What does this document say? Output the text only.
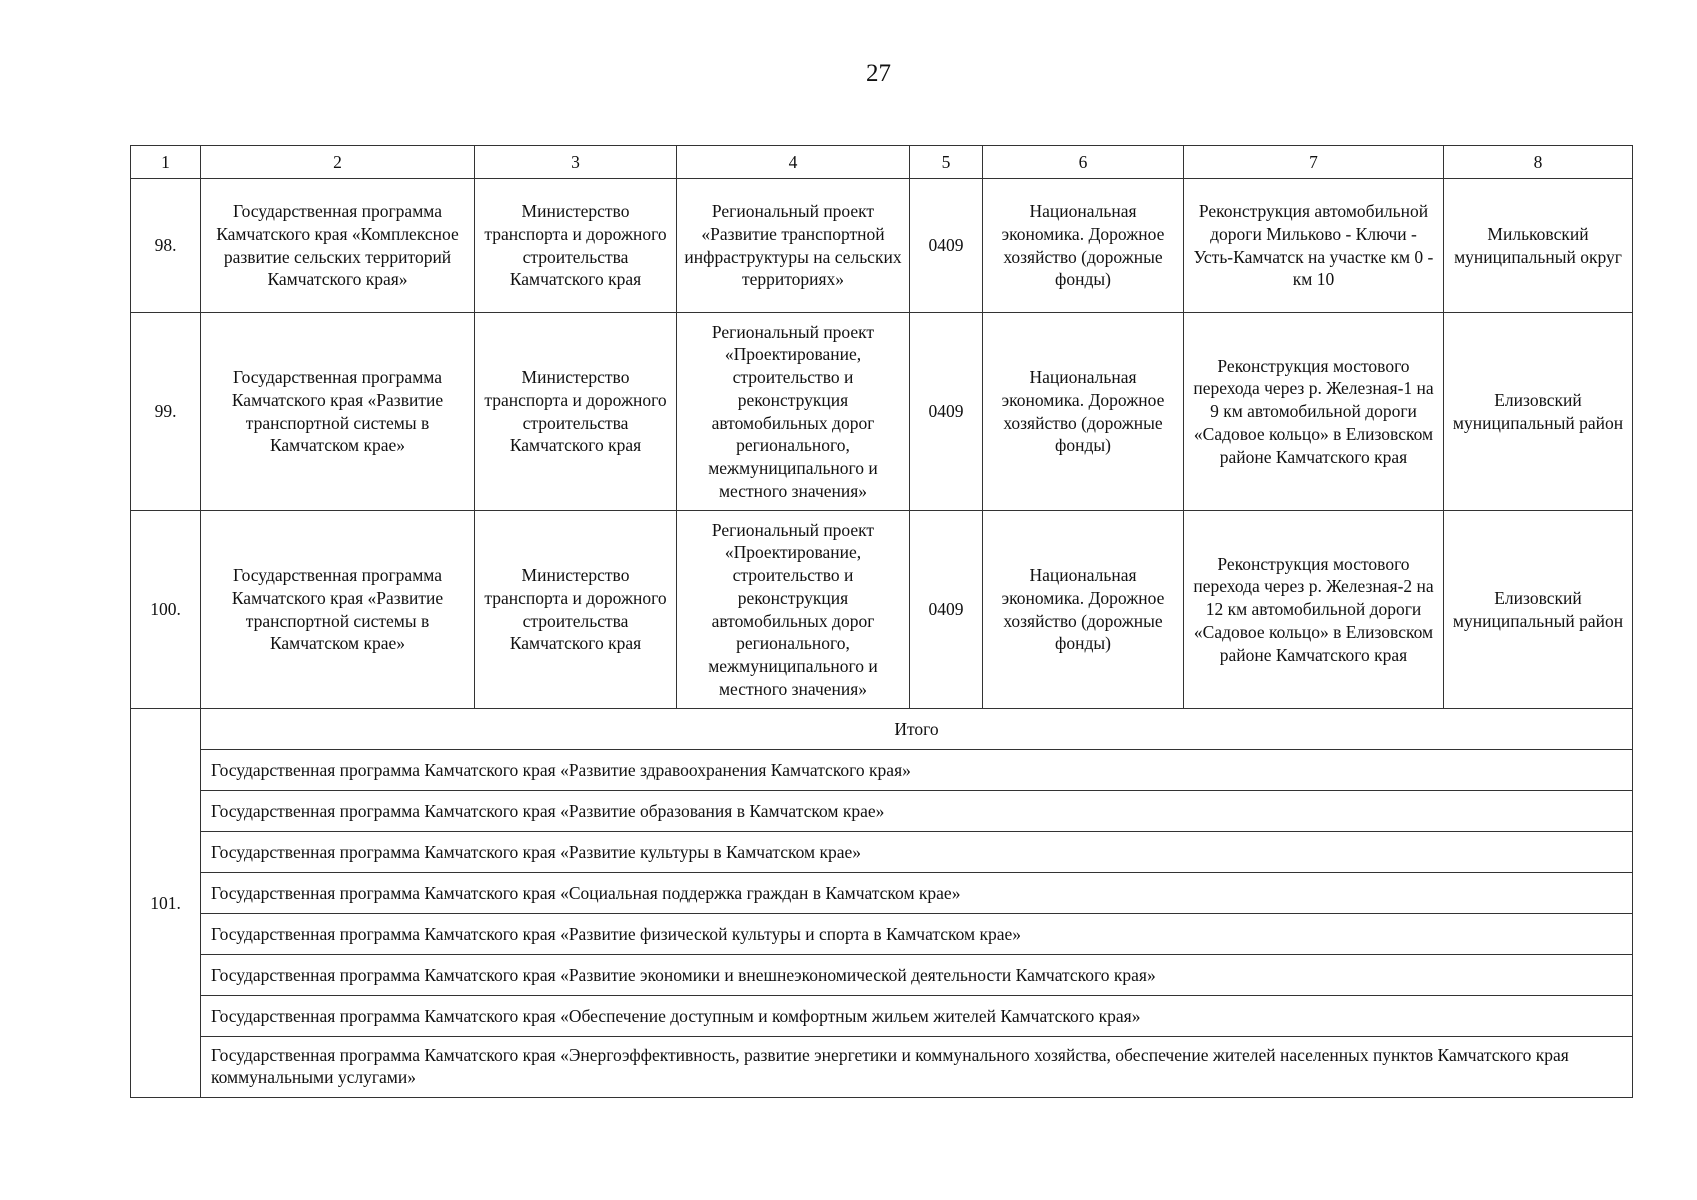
27
1	2	3	4	5	6	7	8
98.	Государственная программа Камчатского края «Комплексное развитие сельских территорий Камчатского края»	Министерство транспорта и дорожного строительства Камчатского края	Региональный проект «Развитие транспортной инфраструктуры на сельских территориях»	0409	Национальная экономика. Дорожное хозяйство (дорожные фонды)	Реконструкция автомобильной дороги Мильково - Ключи - Усть-Камчатск на участке км 0 - км 10	Мильковский муниципальный округ
99.	Государственная программа Камчатского края «Развитие транспортной системы в Камчатском крае»	Министерство транспорта и дорожного строительства Камчатского края	Региональный проект «Проектирование, строительство и реконструкция автомобильных дорог регионального, межмуниципального и местного значения»	0409	Национальная экономика. Дорожное хозяйство (дорожные фонды)	Реконструкция мостового перехода через р. Железная-1 на 9 км автомобильной дороги «Садовое кольцо» в Елизовском районе Камчатского края	Елизовский муниципальный район
100.	Государственная программа Камчатского края «Развитие транспортной системы в Камчатском крае»	Министерство транспорта и дорожного строительства Камчатского края	Региональный проект «Проектирование, строительство и реконструкция автомобильных дорог регионального, межмуниципального и местного значения»	0409	Национальная экономика. Дорожное хозяйство (дорожные фонды)	Реконструкция мостового перехода через р. Железная-2 на 12 км автомобильной дороги «Садовое кольцо» в Елизовском районе Камчатского края	Елизовский муниципальный район
101.	Итого						
	Государственная программа Камчатского края «Развитие здравоохранения Камчатского края»						
	Государственная программа Камчатского края «Развитие образования в Камчатском крае»						
	Государственная программа Камчатского края «Развитие культуры в Камчатском крае»						
	Государственная программа Камчатского края «Социальная поддержка граждан в Камчатском крае»						
	Государственная программа Камчатского края «Развитие физической культуры и спорта в Камчатском крае»						
	Государственная программа Камчатского края «Развитие экономики и внешнеэкономической деятельности Камчатского края»						
	Государственная программа Камчатского края «Обеспечение доступным и комфортным жильем жителей Камчатского края»						
	Государственная программа Камчатского края «Энергоэффективность, развитие энергетики и коммунального хозяйства, обеспечение жителей населенных пунктов Камчатского края коммунальными услугами»						
